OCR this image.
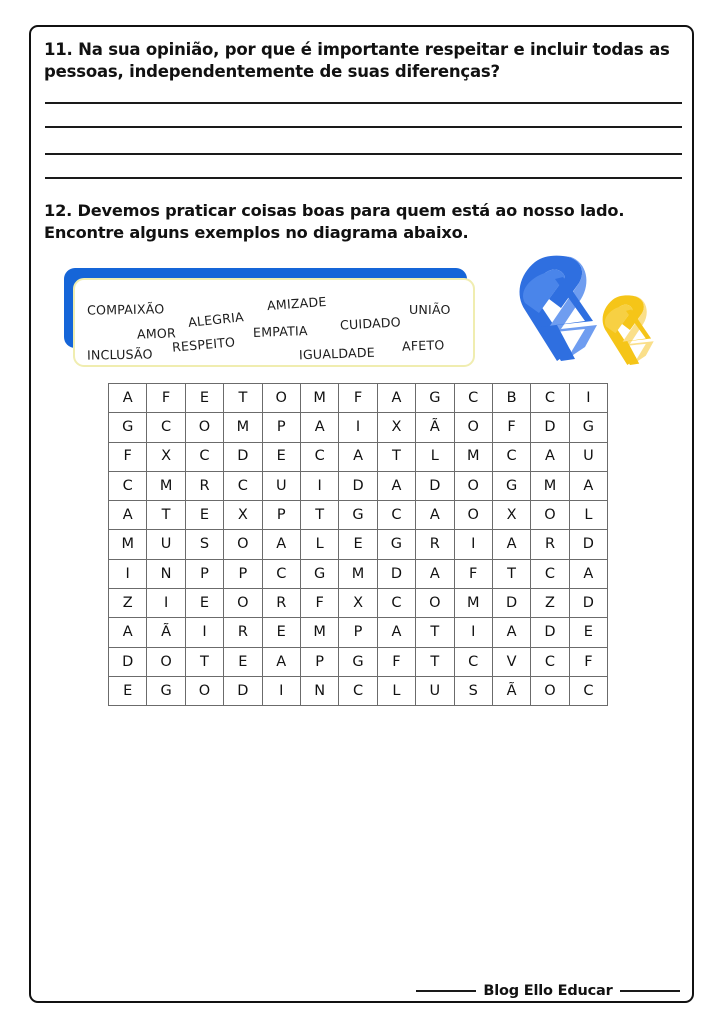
11. Na sua opinião, por que é importante respeitar e incluir todas as pessoas, independentemente de suas diferenças?
12. Devemos praticar coisas boas para quem está ao nosso lado. Encontre alguns exemplos no diagrama abaixo.
COMPAIXÃO ALEGRIA
AMIZADE	UNIÃO
AMOR	EMPATIA	CUIDADO
AFETO
INCLUSÃO RESPEITO	IGUALDADE
A	F	E	T	O	M	F	A	G	C	B	C	I
G	C	O	M	P	A	I	X	Ã	O	F	D	G
F	X	C	D	E	C	A	T	L	M	C	A	U
C	M	R	C	U	I	D	A	D	O	G	M	A
A	T	E	X	P	T	G	C	A	O	X	O	L
M	U	S	O	A	L	E	G	R	I	A	R	D
I	N	P	P	C	G	M	D	A	F	T	C	A
Z	I	E	O	R	F	X	C	O	M	D	Z	D
A	Ã	I	R	E	M	P	A	T	I	A	D	E
D	O	T	E	A	P	G	F	T	C	V	C	F
E	G	O	D	I	N	C	L	U	S	Ã	O	C
Blog Ello Educar
